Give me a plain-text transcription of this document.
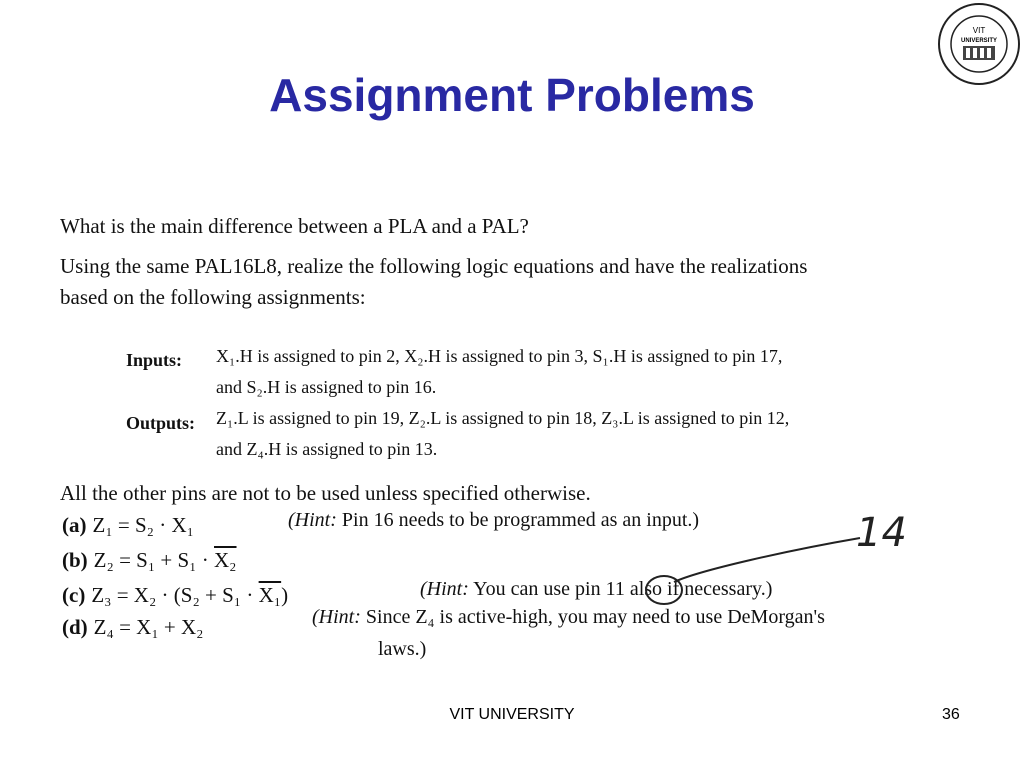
Assignment Problems
VIT
UNIVERSITY
What is the main difference between a PLA and a PAL?
Using the same PAL16L8, realize the following logic equations and have the realizations
based on the following assignments:
Inputs: X₁.H is assigned to pin 2, X₂.H is assigned to pin 3, S₁.H is assigned to pin 17,
and S₂.H is assigned to pin 16.
Outputs: Z₁.L is assigned to pin 19, Z₂.L is assigned to pin 18, Z₃.L is assigned to pin 12,
and Z₄.H is assigned to pin 13.
All the other pins are not to be used unless specified otherwise.
(a) Z₁ = S₂ · X₁	(Hint: Pin 16 needs to be programmed as an input.)
(b) Z₂ = S₁ + S₁ · X₂
(c) Z₃ = X₂ · (S₂ + S₁ · X₁)	(Hint: You can use pin 11 also if necessary.)
(d) Z₄ = X₁ + X₂	(Hint: Since Z₄ is active-high, you may need to use DeMorgan's
laws.)
14
VIT UNIVERSITY	36
